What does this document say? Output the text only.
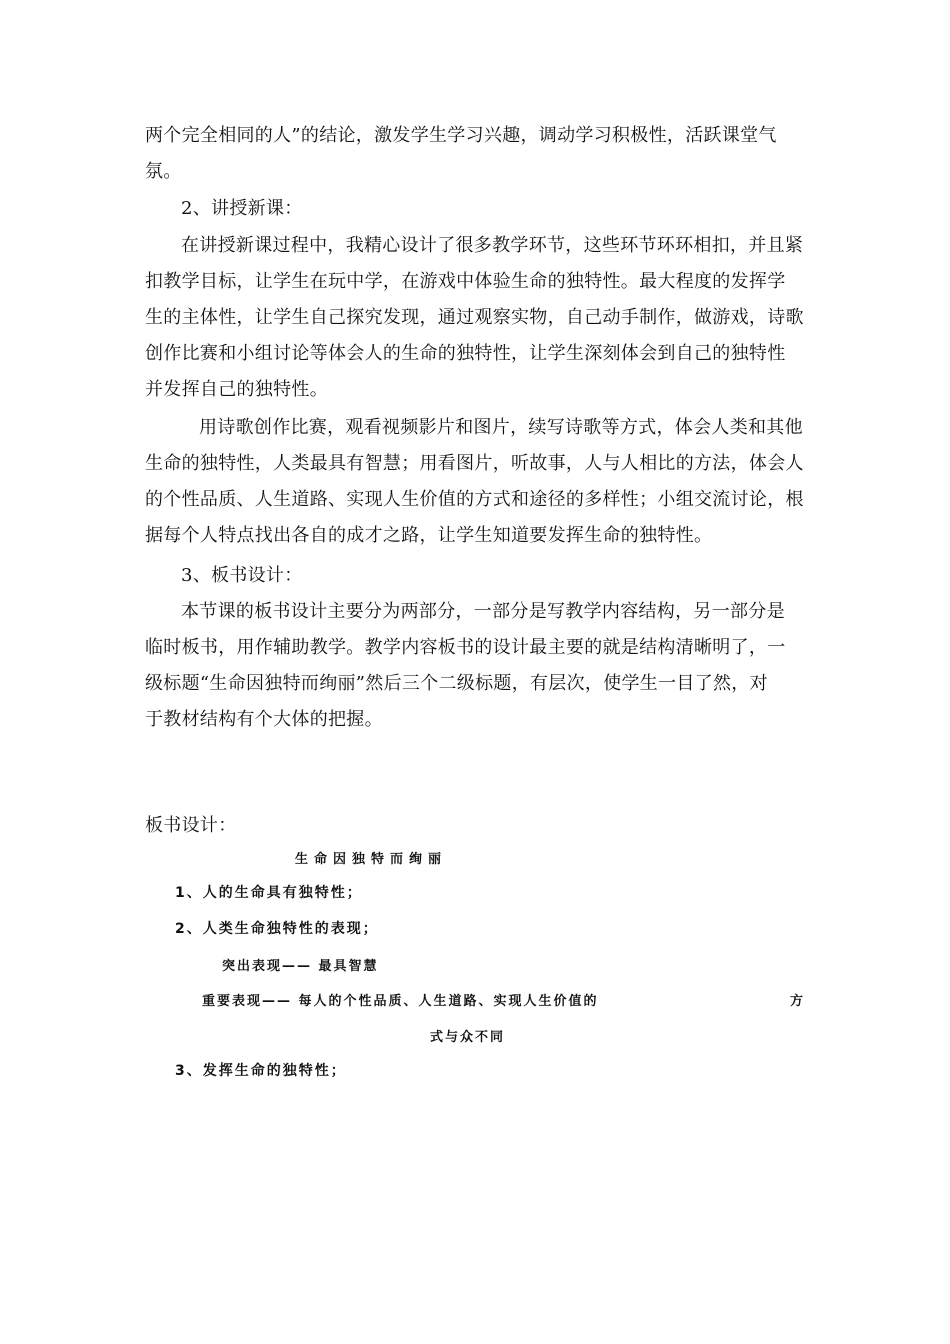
两个完全相同的人”的结论，激发学生学习兴趣，调动学习积极性，活跃课堂气
氛。
2、讲授新课：
在讲授新课过程中，我精心设计了很多教学环节，这些环节环环相扣，并且紧
扣教学目标，让学生在玩中学，在游戏中体验生命的独特性。最大程度的发挥学
生的主体性，让学生自己探究发现，通过观察实物，自己动手制作，做游戏，诗歌
创作比赛和小组讨论等体会人的生命的独特性，让学生深刻体会到自己的独特性
并发挥自己的独特性。
用诗歌创作比赛，观看视频影片和图片，续写诗歌等方式，体会人类和其他
生命的独特性，人类最具有智慧；用看图片，听故事，人与人相比的方法，体会人
的个性品质、人生道路、实现人生价值的方式和途径的多样性；小组交流讨论，根
据每个人特点找出各自的成才之路，让学生知道要发挥生命的独特性。
3、板书设计：
本节课的板书设计主要分为两部分，一部分是写教学内容结构，另一部分是
临时板书，用作辅助教学。教学内容板书的设计最主要的就是结构清晰明了，一
级标题“生命因独特而绚丽”然后三个二级标题，有层次，使学生一目了然，对
于教材结构有个大体的把握。
板书设计：
生命因独特而绚丽
1、人的生命具有独特性；
2、人类生命独特性的表现；
突出表现—— 最具智慧
重要表现—— 每人的个性品质、人生道路、实现人生价值的	方
式与众不同
3、发挥生命的独特性；
